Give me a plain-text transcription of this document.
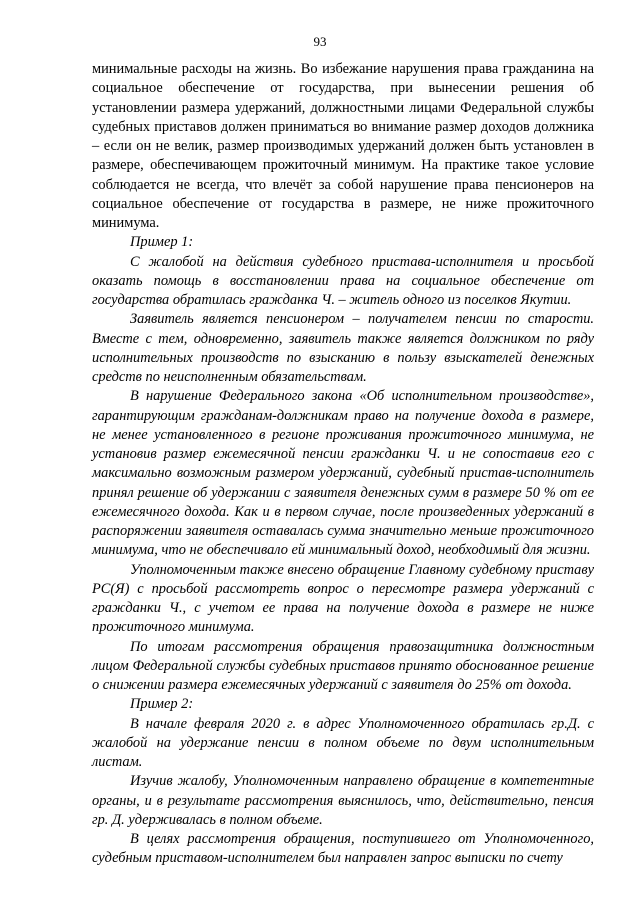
93

минимальные расходы на жизнь. Во избежание нарушения права гражданина на социальное обеспечение от государства, при вынесении решения об установлении размера удержаний, должностными лицами Федеральной службы судебных приставов должен приниматься во внимание размер доходов должника – если он не велик, размер производимых удержаний должен быть установлен в размере, обеспечивающем прожиточный минимум. На практике такое условие соблюдается не всегда, что влечёт за собой нарушение права пенсионеров на социальное обеспечение от государства в размере, не ниже прожиточного минимума.

Пример 1:

С жалобой на действия судебного пристава-исполнителя и просьбой оказать помощь в восстановлении права на социальное обеспечение от государства обратилась гражданка Ч. – житель одного из поселков Якутии.

Заявитель является пенсионером – получателем пенсии по старости. Вместе с тем, одновременно, заявитель также является должником по ряду исполнительных производств по взысканию в пользу взыскателей денежных средств по неисполненным обязательствам.

В нарушение Федерального закона «Об исполнительном производстве», гарантирующим гражданам-должникам право на получение дохода в размере, не менее установленного в регионе проживания прожиточного минимума, не установив размер ежемесячной пенсии гражданки Ч. и не сопоставив его с максимально возможным размером удержаний, судебный пристав-исполнитель принял решение об удержании с заявителя денежных сумм в размере 50 % от ее ежемесячного дохода. Как и в первом случае, после произведенных удержаний в распоряжении заявителя оставалась сумма значительно меньше прожиточного минимума, что не обеспечивало ей минимальный доход, необходимый для жизни.

Уполномоченным также внесено обращение Главному судебному приставу РС(Я) с просьбой рассмотреть вопрос о пересмотре размера удержаний с гражданки Ч., с учетом ее права на получение дохода в размере не ниже прожиточного минимума.

По итогам рассмотрения обращения правозащитника должностным лицом Федеральной службы судебных приставов принято обоснованное решение о снижении размера ежемесячных удержаний с заявителя до 25% от дохода.

Пример 2:

В начале февраля 2020 г. в адрес Уполномоченного обратилась гр.Д. с жалобой на удержание пенсии в полном объеме по двум исполнительным листам.

Изучив жалобу, Уполномоченным направлено обращение в компетентные органы, и в результате рассмотрения выяснилось, что, действительно, пенсия гр. Д. удерживалась в полном объеме.

В целях рассмотрения обращения, поступившего от Уполномоченного, судебным приставом-исполнителем был направлен запрос выписки по счету
